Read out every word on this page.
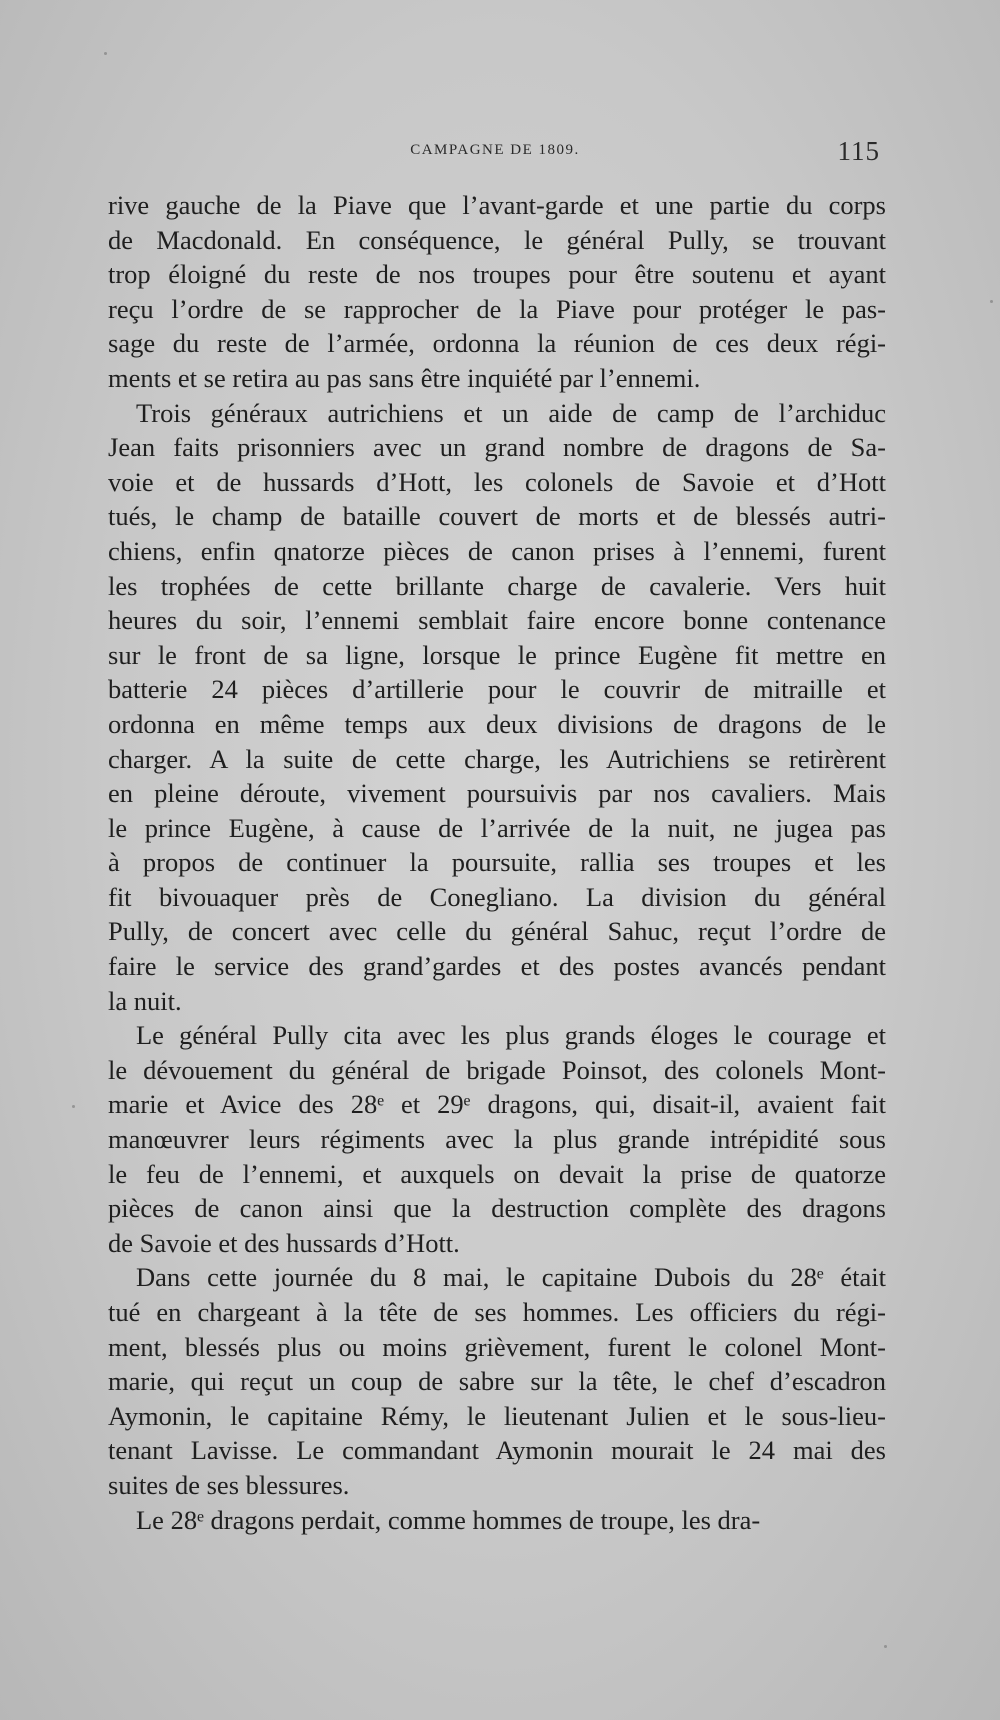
CAMPAGNE DE 1809.	115
rive gauche de la Piave que l’avant-garde et une partie du corps
de Macdonald. En conséquence, le général Pully, se trouvant
trop éloigné du reste de nos troupes pour être soutenu et ayant
reçu l’ordre de se rapprocher de la Piave pour protéger le pas-
sage du reste de l’armée, ordonna la réunion de ces deux régi-
ments et se retira au pas sans être inquiété par l’ennemi.
Trois généraux autrichiens et un aide de camp de l’archiduc
Jean faits prisonniers avec un grand nombre de dragons de Sa-
voie et de hussards d’Hott, les colonels de Savoie et d’Hott
tués, le champ de bataille couvert de morts et de blessés autri-
chiens, enfin qnatorze pièces de canon prises à l’ennemi, furent
les trophées de cette brillante charge de cavalerie. Vers huit
heures du soir, l’ennemi semblait faire encore bonne contenance
sur le front de sa ligne, lorsque le prince Eugène fit mettre en
batterie 24 pièces d’artillerie pour le couvrir de mitraille et
ordonna en même temps aux deux divisions de dragons de le
charger. A la suite de cette charge, les Autrichiens se retirèrent
en pleine déroute, vivement poursuivis par nos cavaliers. Mais
le prince Eugène, à cause de l’arrivée de la nuit, ne jugea pas
à propos de continuer la poursuite, rallia ses troupes et les
fit bivouaquer près de Conegliano. La division du général
Pully, de concert avec celle du général Sahuc, reçut l’ordre de
faire le service des grand’gardes et des postes avancés pendant
la nuit.
Le général Pully cita avec les plus grands éloges le courage et
le dévouement du général de brigade Poinsot, des colonels Mont-
marie et Avice des 28ᵉ et 29ᵉ dragons, qui, disait-il, avaient fait
manœuvrer leurs régiments avec la plus grande intrépidité sous
le feu de l’ennemi, et auxquels on devait la prise de quatorze
pièces de canon ainsi que la destruction complète des dragons
de Savoie et des hussards d’Hott.
Dans cette journée du 8 mai, le capitaine Dubois du 28ᵉ était
tué en chargeant à la tête de ses hommes. Les officiers du régi-
ment, blessés plus ou moins grièvement, furent le colonel Mont-
marie, qui reçut un coup de sabre sur la tête, le chef d’escadron
Aymonin, le capitaine Rémy, le lieutenant Julien et le sous-lieu-
tenant Lavisse. Le commandant Aymonin mourait le 24 mai des
suites de ses blessures.
Le 28ᵉ dragons perdait, comme hommes de troupe, les dra-
